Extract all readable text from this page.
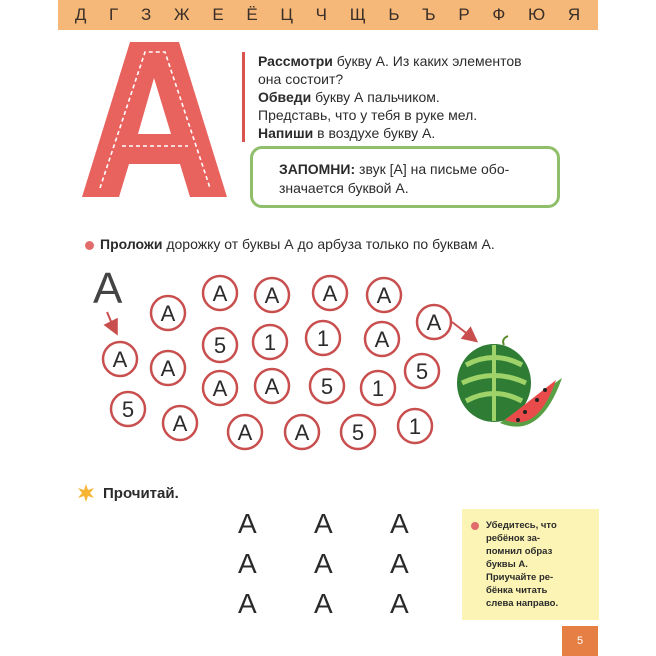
Д Г З Ж Е Ё Ц Ч Щ Ь Ъ Р Ф Ю Я
А
Рассмотри букву А. Из каких элементов
она состоит?
Обведи букву А пальчиком.
Представь, что у тебя в руке мел.
Напиши в воздухе букву А.
ЗАПОМНИ: звук [А] на письме обо-
значается буквой А.
Проложи дорожку от буквы А до арбуза только по буквам А.
А
А
А А А А
А
5 1 1 А
А А
А А 5 1
5
5
А А А 5 1
Прочитай.
А А А
А А А
А А А
Убедитесь, что
ребёнок за-
помнил образ
буквы А.
Приучайте ре-
бёнка читать
слева направо.
5
